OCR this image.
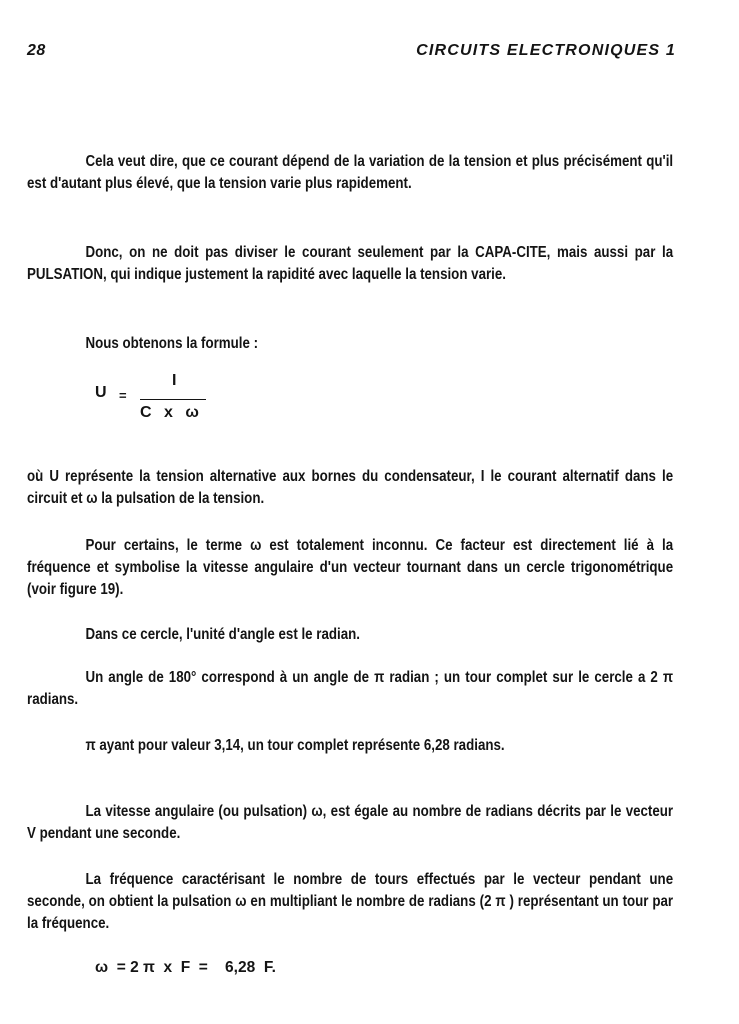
28	CIRCUITS ELECTRONIQUES 1

Cela veut dire, que ce courant dépend de la variation de la tension et plus précisément qu'il est d'autant plus élevé, que la tension varie plus rapidement.

Donc, on ne doit pas diviser le courant seulement par la CAPA-CITE, mais aussi par la PULSATION, qui indique justement la rapidité avec laquelle la tension varie.

Nous obtenons la formule :

U =
I
C x ω

où U représente la tension alternative aux bornes du condensateur, I le courant alternatif dans le circuit et ω la pulsation de la tension.

Pour certains, le terme ω est totalement inconnu. Ce facteur est directement lié à la fréquence et symbolise la vitesse angulaire d'un vecteur tournant dans un cercle trigonométrique (voir figure 19).

Dans ce cercle, l'unité d'angle est le radian.

Un angle de 180° correspond à un angle de π radian ; un tour complet sur le cercle a 2 π radians.

π ayant pour valeur 3,14, un tour complet représente 6,28 radians.

La vitesse angulaire (ou pulsation) ω, est égale au nombre de radians décrits par le vecteur V pendant une seconde.

La fréquence caractérisant le nombre de tours effectués par le vecteur pendant une seconde, on obtient la pulsation ω en multipliant le nombre de radians (2 π ) représentant un tour par la fréquence.

ω  = 2 π  x  F  =    6,28  F.
